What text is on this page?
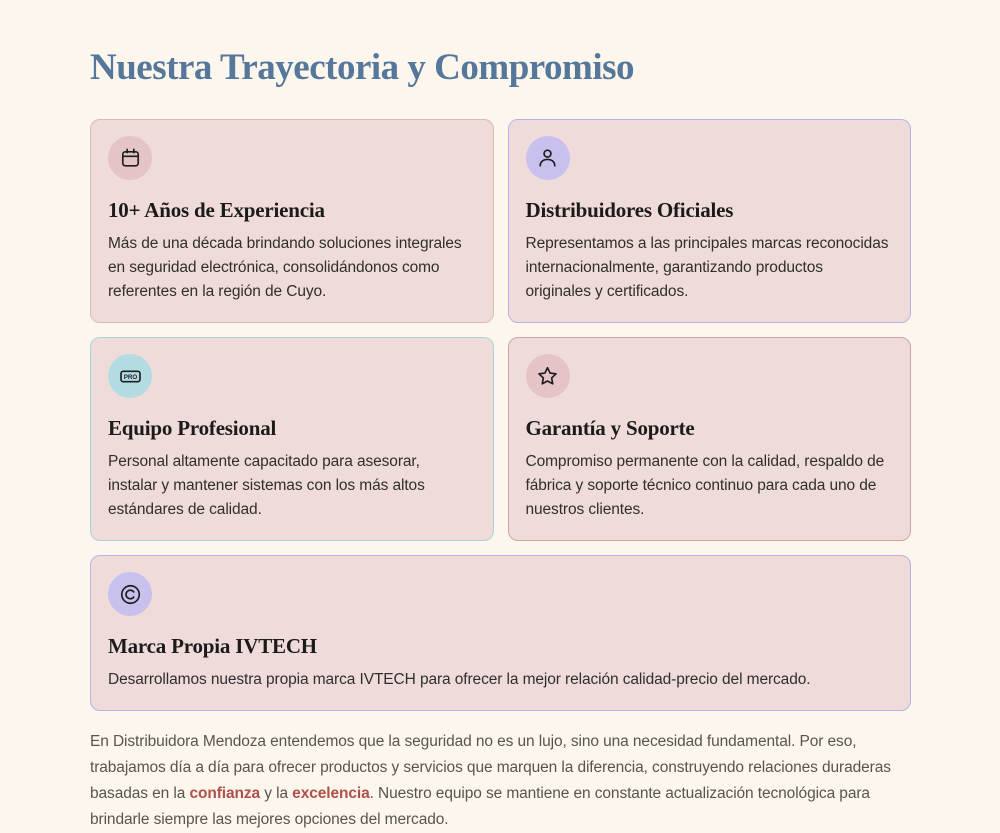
Nuestra Trayectoria y Compromiso
10+ Años de Experiencia

Más de una década brindando soluciones integrales en seguridad electrónica, consolidándonos como referentes en la región de Cuyo.

Distribuidores Oficiales

Representamos a las principales marcas reconocidas internacionalmente, garantizando productos originales y certificados.

PRO
Equipo Profesional

Personal altamente capacitado para asesorar, instalar y mantener sistemas con los más altos estándares de calidad.

Garantía y Soporte

Compromiso permanente con la calidad, respaldo de fábrica y soporte técnico continuo para cada uno de nuestros clientes.

Marca Propia IVTECH

Desarrollamos nuestra propia marca IVTECH para ofrecer la mejor relación calidad-precio del mercado.

En Distribuidora Mendoza entendemos que la seguridad no es un lujo, sino una necesidad fundamental. Por eso, trabajamos día a día para ofrecer productos y servicios que marquen la diferencia, construyendo relaciones duraderas basadas en la confianza y la excelencia. Nuestro equipo se mantiene en constante actualización tecnológica para brindarle siempre las mejores opciones del mercado.
